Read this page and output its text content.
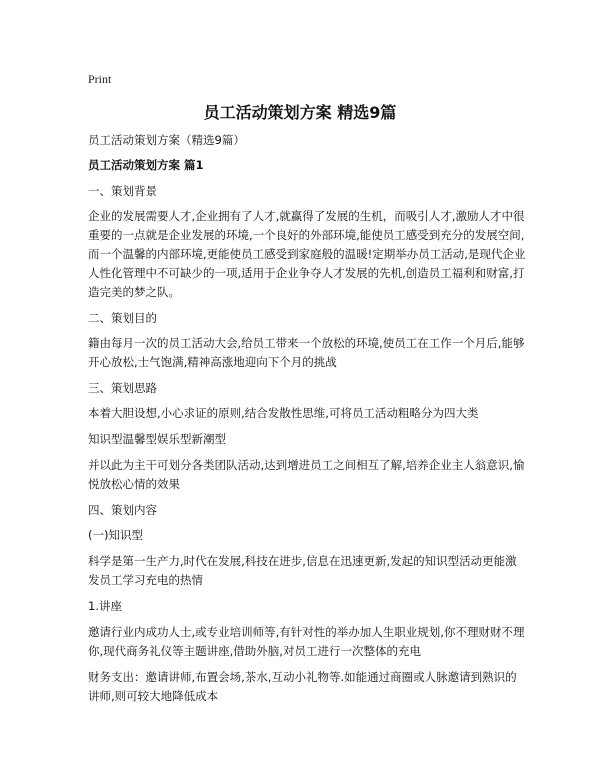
Print
员工活动策划方案 精选9篇

员工活动策划方案（精选9篇）

员工活动策划方案 篇1

一、策划背景

企业的发展需要人才,企业拥有了人才,就赢得了发展的生机，而吸引人才,激励人才中很重要的一点就是企业发展的环境,一个良好的外部环境,能使员工感受到充分的发展空间,而一个温馨的内部环境,更能使员工感受到家庭般的温暖!定期举办员工活动,是现代企业人性化管理中不可缺少的一项,适用于企业争夺人才发展的先机,创造员工福利和财富,打造完美的梦之队。

二、策划目的

籍由每月一次的员工活动大会,给员工带来一个放松的环境,使员工在工作一个月后,能够开心放松,士气饱满,精神高涨地迎向下个月的挑战

三、策划思路

本着大胆设想,小心求证的原则,结合发散性思维,可将员工活动粗略分为四大类

知识型温馨型娱乐型新潮型

并以此为主干可划分各类团队活动,达到增进员工之间相互了解,培养企业主人翁意识,愉悦放松心情的效果

四、策划内容

(一)知识型

科学是第一生产力,时代在发展,科技在进步,信息在迅速更新,发起的知识型活动更能激发员工学习充电的热情

1.讲座

邀请行业内成功人士,或专业培训师等,有针对性的举办加人生职业规划,你不理财财不理你,现代商务礼仪等主题讲座,借助外脑,对员工进行一次整体的充电

财务支出：邀请讲师,布置会场,茶水,互动小礼物等.如能通过商圈或人脉邀请到熟识的讲师,则可较大地降低成本
